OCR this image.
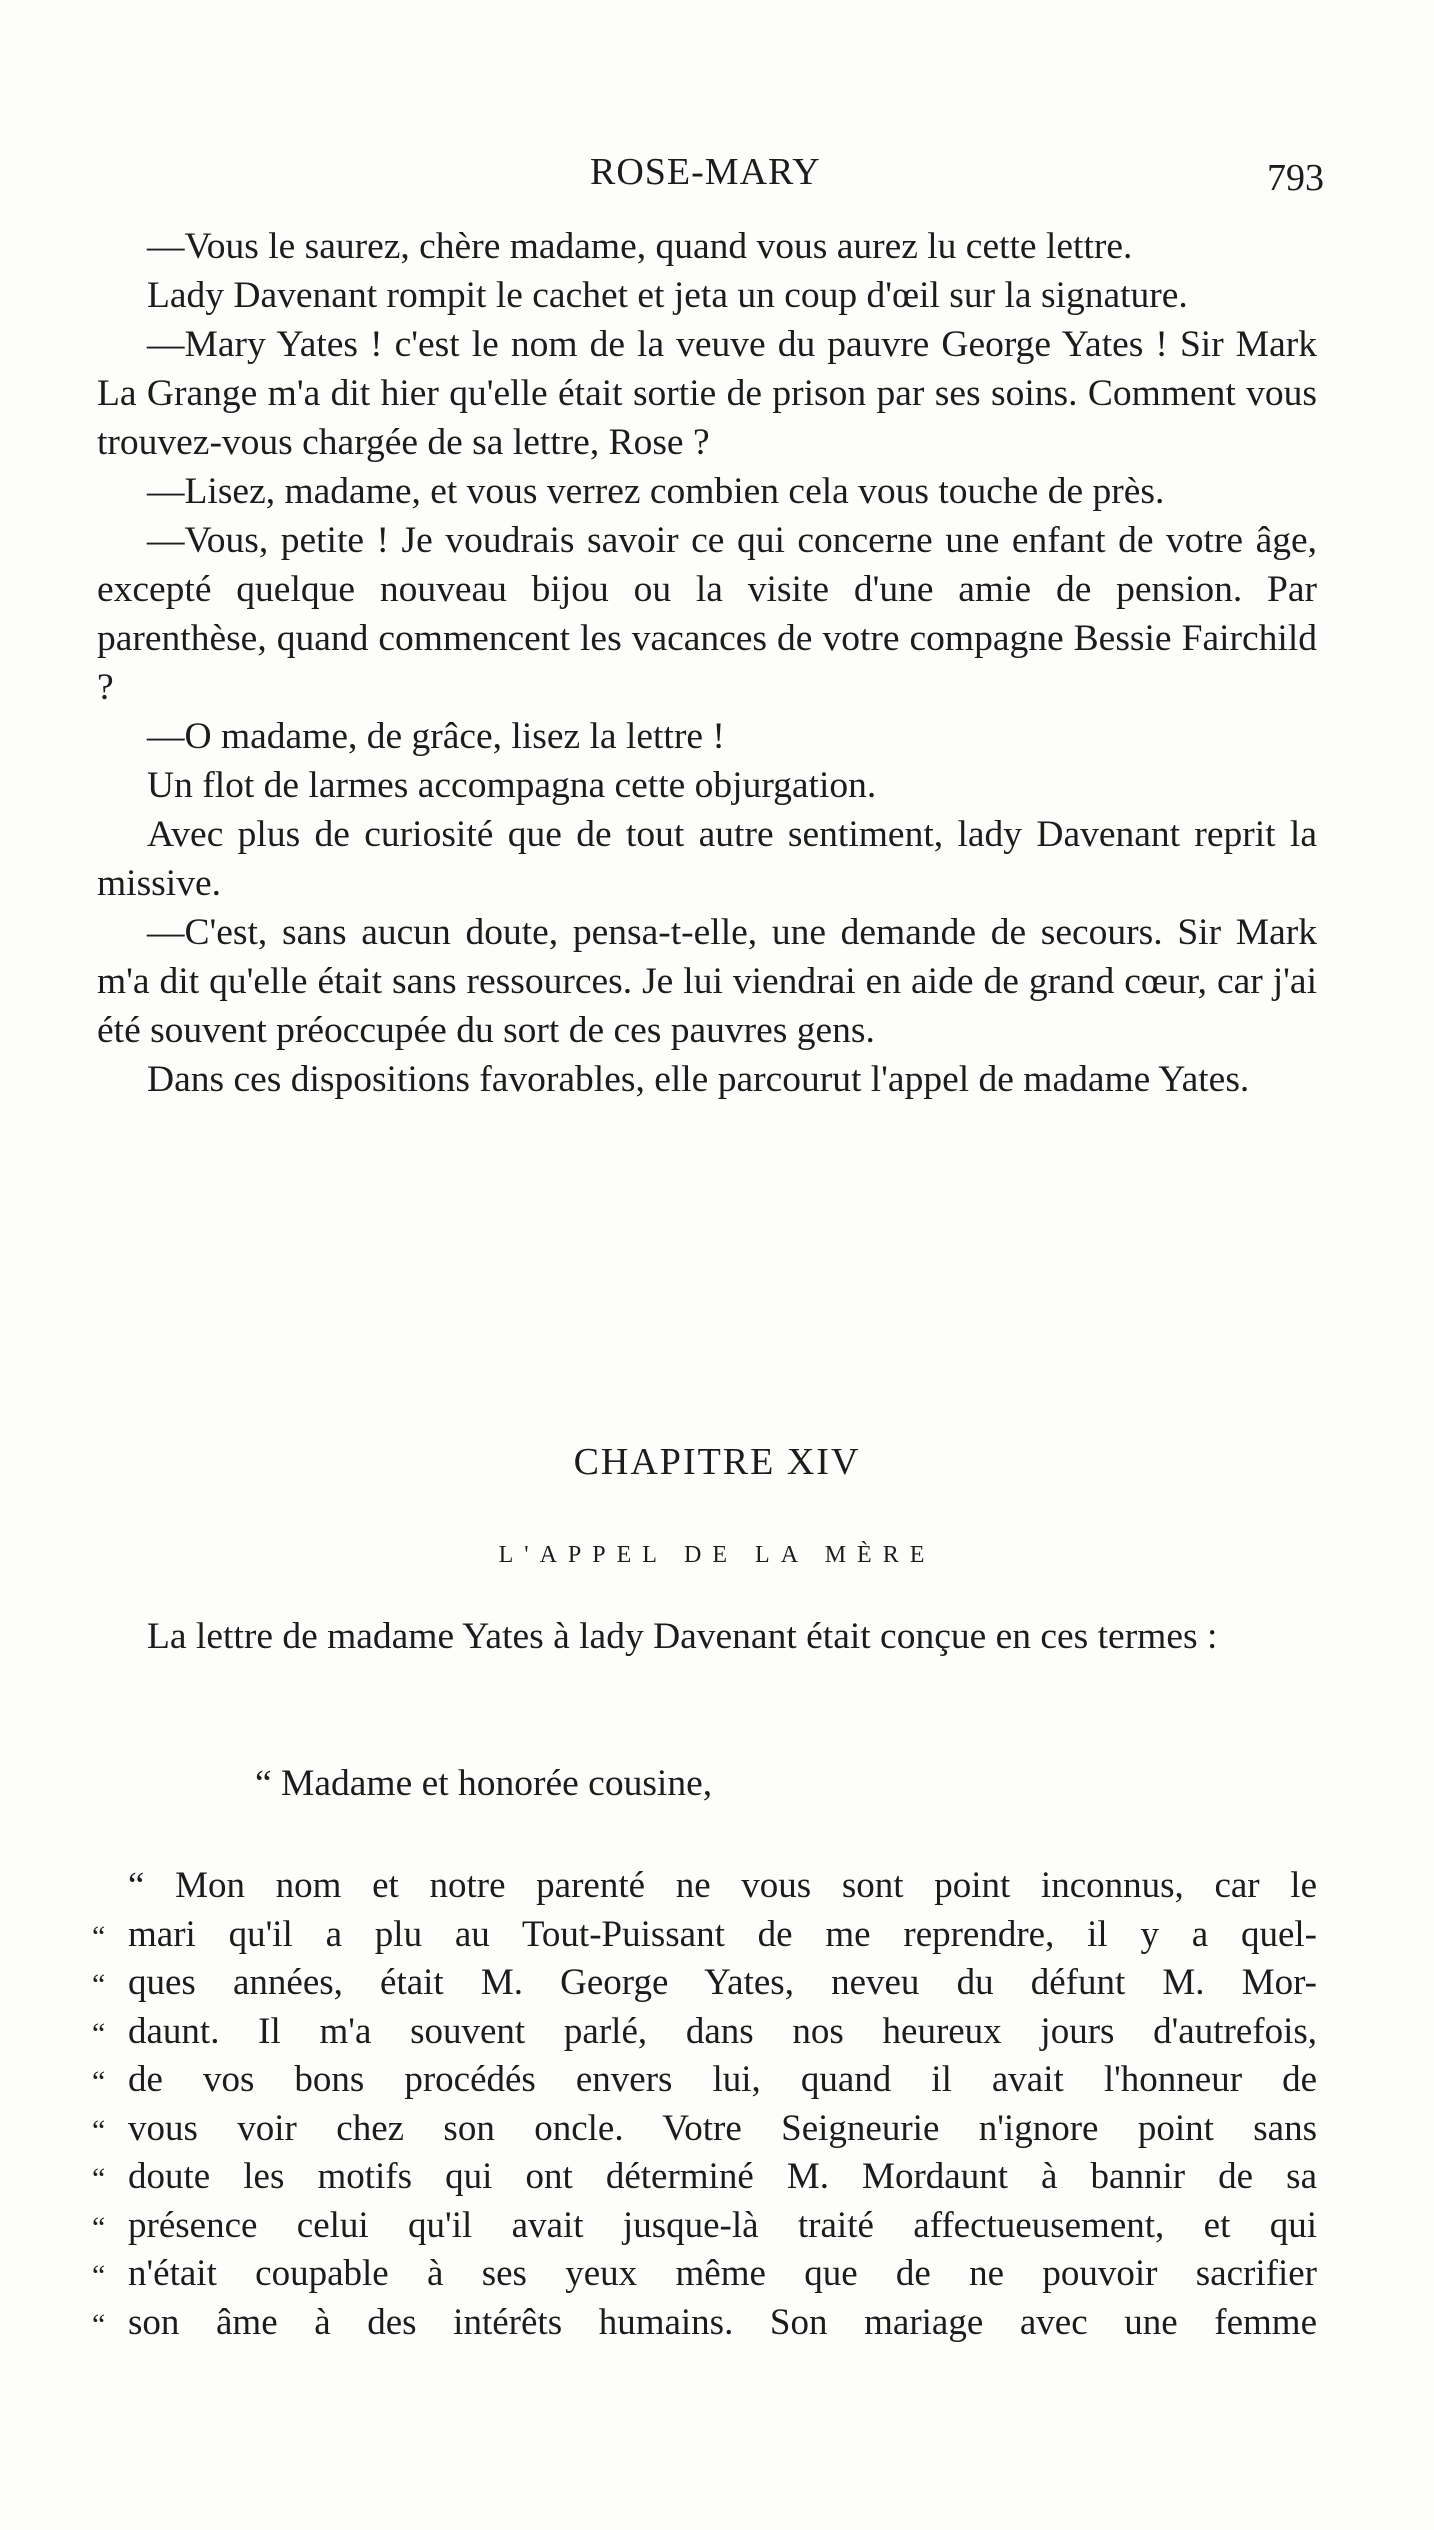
ROSE-MARY	793

—Vous le saurez, chère madame, quand vous aurez lu cette lettre.

Lady Davenant rompit le cachet et jeta un coup d'œil sur la signature.

—Mary Yates ! c'est le nom de la veuve du pauvre George Yates ! Sir Mark La Grange m'a dit hier qu'elle était sortie de prison par ses soins. Comment vous trouvez-vous chargée de sa lettre, Rose ?

—Lisez, madame, et vous verrez combien cela vous touche de près.

—Vous, petite ! Je voudrais savoir ce qui concerne une enfant de votre âge, excepté quelque nouveau bijou ou la visite d'une amie de pension. Par parenthèse, quand commencent les vacances de votre compagne Bessie Fairchild ?

—O madame, de grâce, lisez la lettre !

Un flot de larmes accompagna cette objurgation.

Avec plus de curiosité que de tout autre sentiment, lady Davenant reprit la missive.

—C'est, sans aucun doute, pensa-t-elle, une demande de secours. Sir Mark m'a dit qu'elle était sans ressources. Je lui viendrai en aide de grand cœur, car j'ai été souvent préoccupée du sort de ces pauvres gens.

Dans ces dispositions favorables, elle parcourut l'appel de madame Yates.

CHAPITRE XIV
L'APPEL DE LA MÈRE

La lettre de madame Yates à lady Davenant était conçue en ces termes :

“ Madame et honorée cousine,
“ Mon nom et notre parenté ne vous sont point inconnus, car le
“ mari qu'il a plu au Tout-Puissant de me reprendre, il y a quel-
“ ques années, était M. George Yates, neveu du défunt M. Mor-
“ daunt. Il m'a souvent parlé, dans nos heureux jours d'autrefois,
“ de vos bons procédés envers lui, quand il avait l'honneur de
“ vous voir chez son oncle. Votre Seigneurie n'ignore point sans
“ doute les motifs qui ont déterminé M. Mordaunt à bannir de sa
“ présence celui qu'il avait jusque-là traité affectueusement, et qui
“ n'était coupable à ses yeux même que de ne pouvoir sacrifier
“ son âme à des intérêts humains. Son mariage avec une femme
